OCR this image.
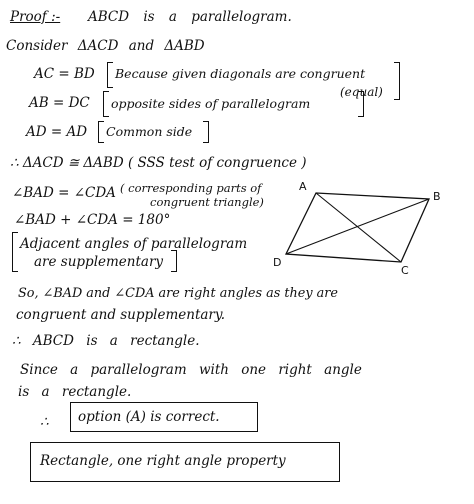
Proof :- ABCD is a parallelogram.
Consider ΔACD and ΔABD
AC = BD Because given diagonals are congruent
(equal)
AB = DC opposite sides of parallelogram
AD = AD Common side
∴ ΔACD ≅ ΔABD ( SSS test of congruence )
∠BAD = ∠CDA ( corresponding parts of
congruent triangle)
∠BAD + ∠CDA = 180°
Adjacent angles of parallelogram
are supplementary
So, ∠BAD and ∠CDA are right angles as they are
congruent and supplementary.
∴ ABCD is a rectangle.
Since a parallelogram with one right angle
is a rectangle.
∴ option (A) is correct.
Rectangle, one right angle property
A
B
C
D
